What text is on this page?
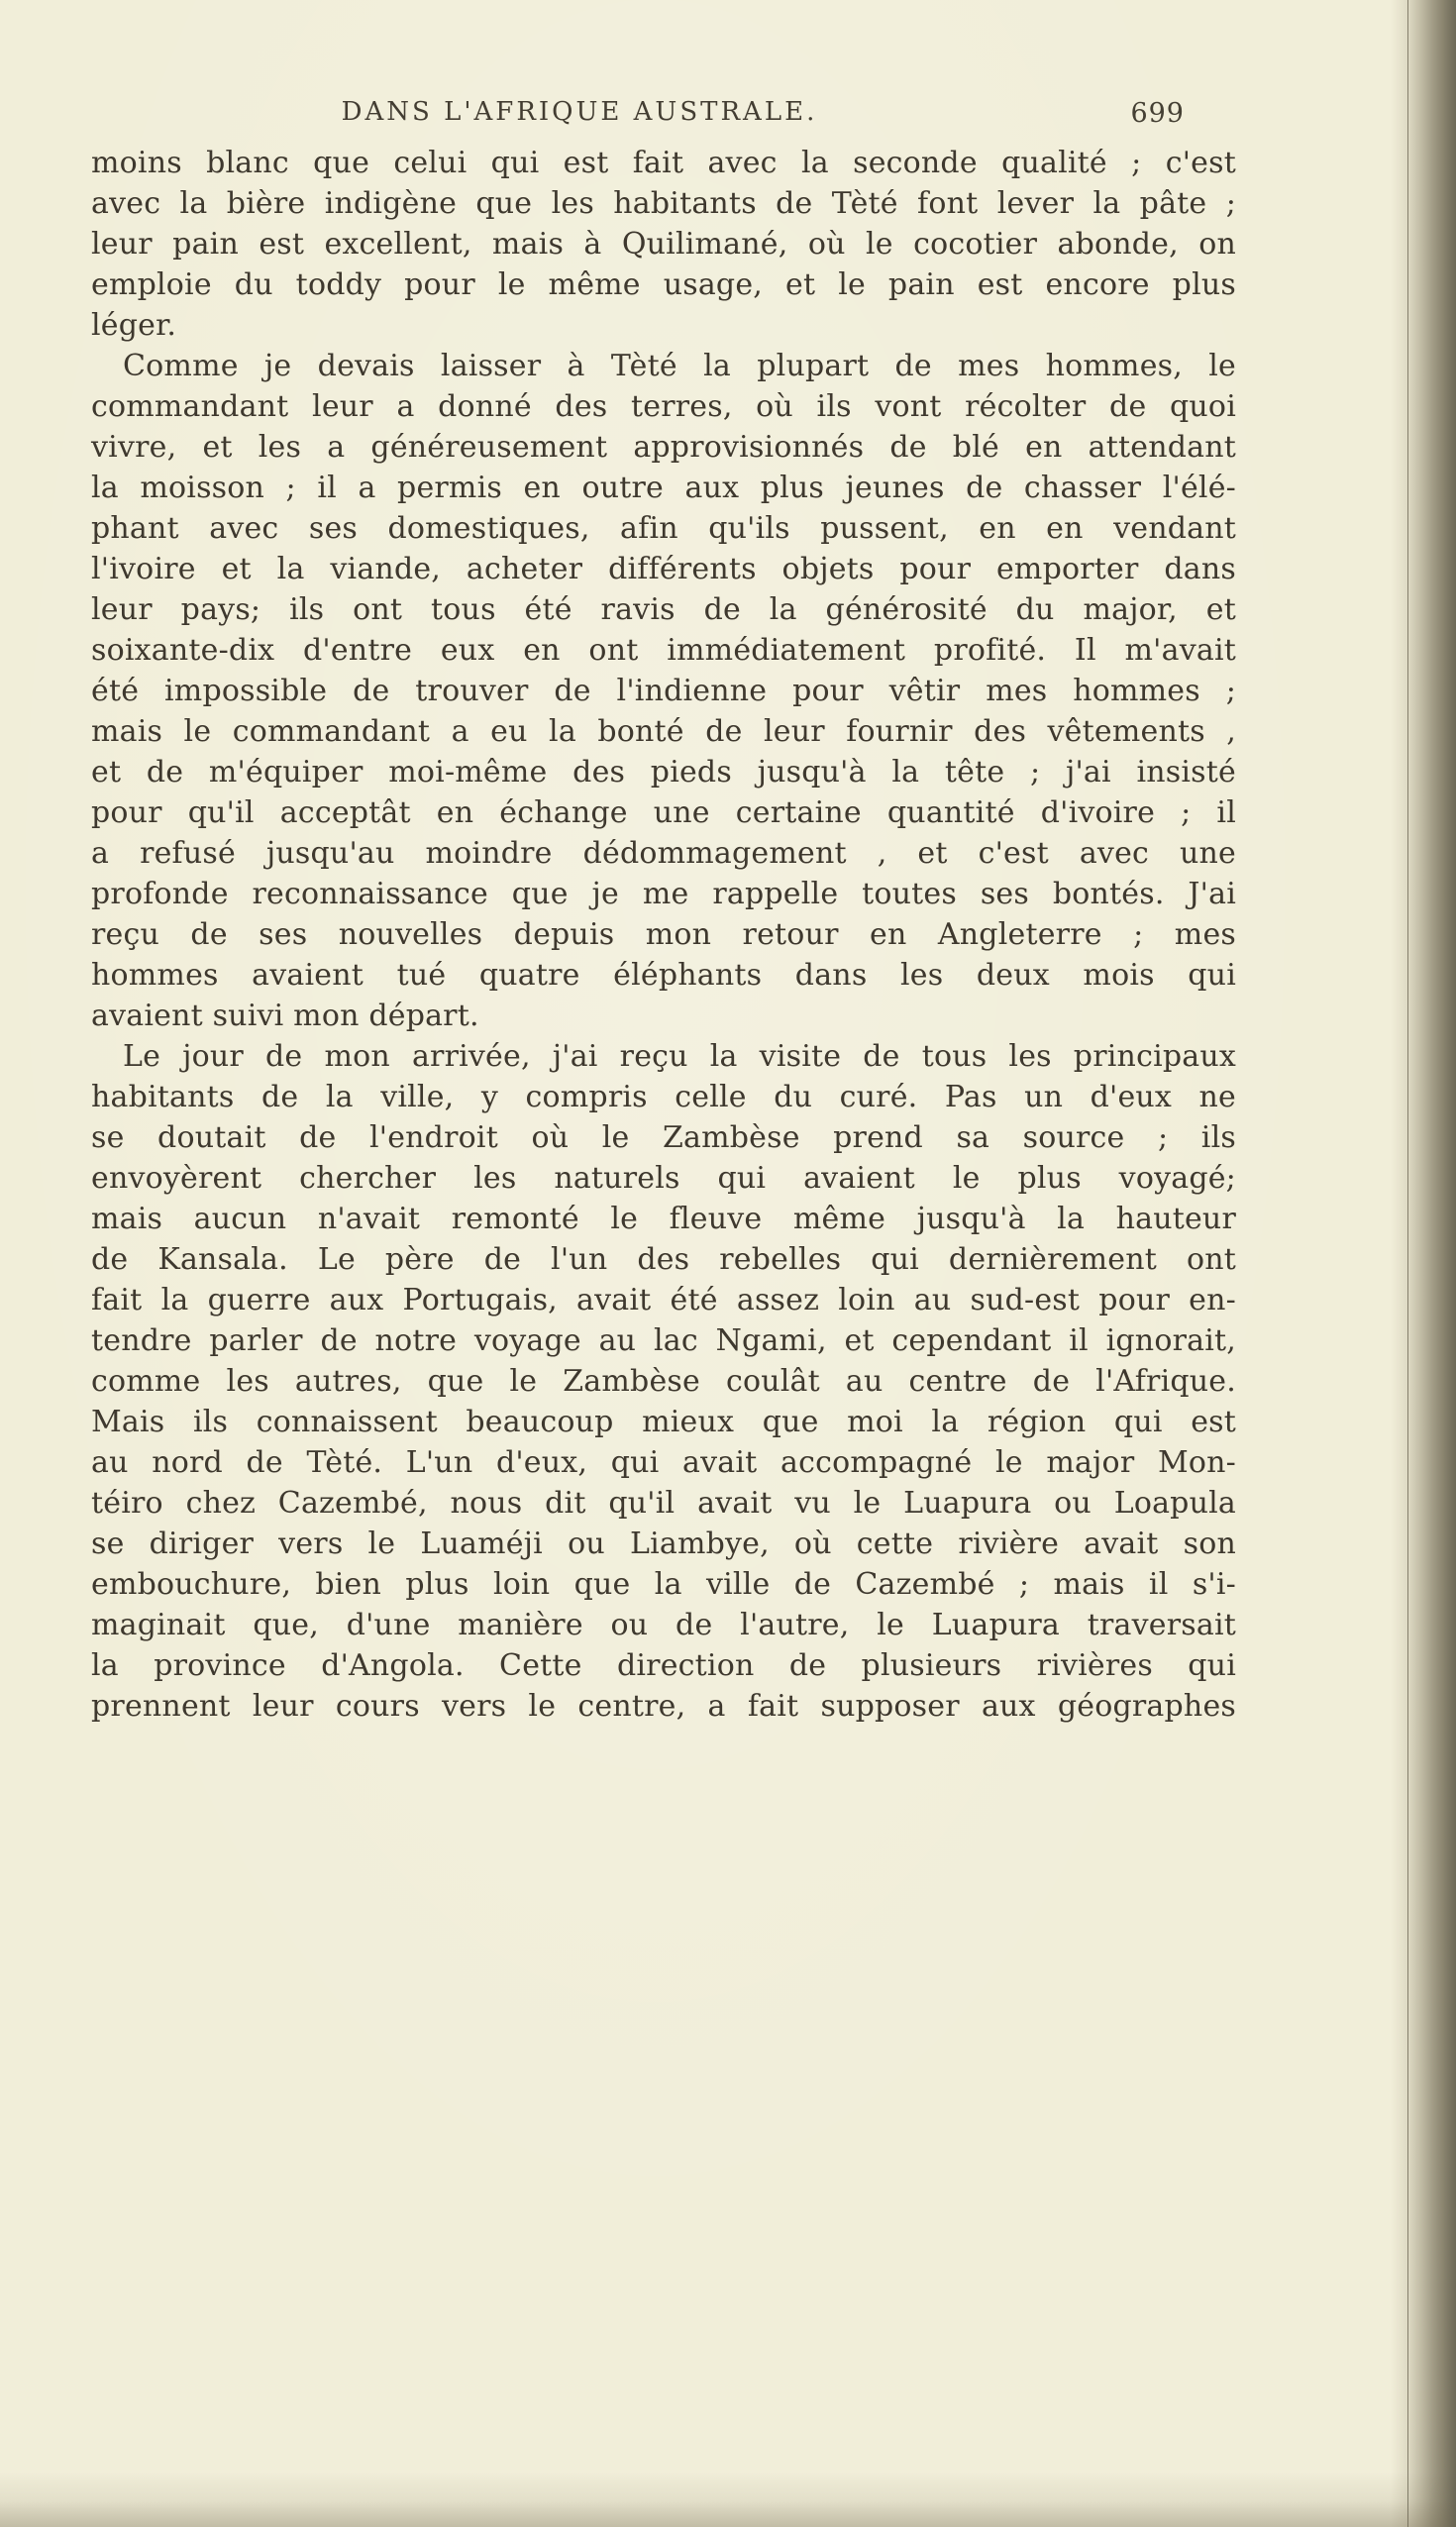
DANS L'AFRIQUE AUSTRALE.	699
moins blanc que celui qui est fait avec la seconde qualité ; c'est
avec la bière indigène que les habitants de Tèté font lever la pâte ;
leur pain est excellent, mais à Quilimané, où le cocotier abonde, on
emploie du toddy pour le même usage, et le pain est encore plus
léger.
Comme je devais laisser à Tèté la plupart de mes hommes, le
commandant leur a donné des terres, où ils vont récolter de quoi
vivre, et les a généreusement approvisionnés de blé en attendant
la moisson ; il a permis en outre aux plus jeunes de chasser l'élé-
phant avec ses domestiques, afin qu'ils pussent, en en vendant
l'ivoire et la viande, acheter différents objets pour emporter dans
leur pays; ils ont tous été ravis de la générosité du major, et
soixante-dix d'entre eux en ont immédiatement profité. Il m'avait
été impossible de trouver de l'indienne pour vêtir mes hommes ;
mais le commandant a eu la bonté de leur fournir des vêtements ,
et de m'équiper moi-même des pieds jusqu'à la tête ; j'ai insisté
pour qu'il acceptât en échange une certaine quantité d'ivoire ; il
a refusé jusqu'au moindre dédommagement , et c'est avec une
profonde reconnaissance que je me rappelle toutes ses bontés. J'ai
reçu de ses nouvelles depuis mon retour en Angleterre ; mes
hommes avaient tué quatre éléphants dans les deux mois qui
avaient suivi mon départ.
Le jour de mon arrivée, j'ai reçu la visite de tous les principaux
habitants de la ville, y compris celle du curé. Pas un d'eux ne
se doutait de l'endroit où le Zambèse prend sa source ; ils
envoyèrent chercher les naturels qui avaient le plus voyagé;
mais aucun n'avait remonté le fleuve même jusqu'à la hauteur
de Kansala. Le père de l'un des rebelles qui dernièrement ont
fait la guerre aux Portugais, avait été assez loin au sud-est pour en-
tendre parler de notre voyage au lac Ngami, et cependant il ignorait,
comme les autres, que le Zambèse coulât au centre de l'Afrique.
Mais ils connaissent beaucoup mieux que moi la région qui est
au nord de Tèté. L'un d'eux, qui avait accompagné le major Mon-
téiro chez Cazembé, nous dit qu'il avait vu le Luapura ou Loapula
se diriger vers le Luaméji ou Liambye, où cette rivière avait son
embouchure, bien plus loin que la ville de Cazembé ; mais il s'i-
maginait que, d'une manière ou de l'autre, le Luapura traversait
la province d'Angola. Cette direction de plusieurs rivières qui
prennent leur cours vers le centre, a fait supposer aux géographes
